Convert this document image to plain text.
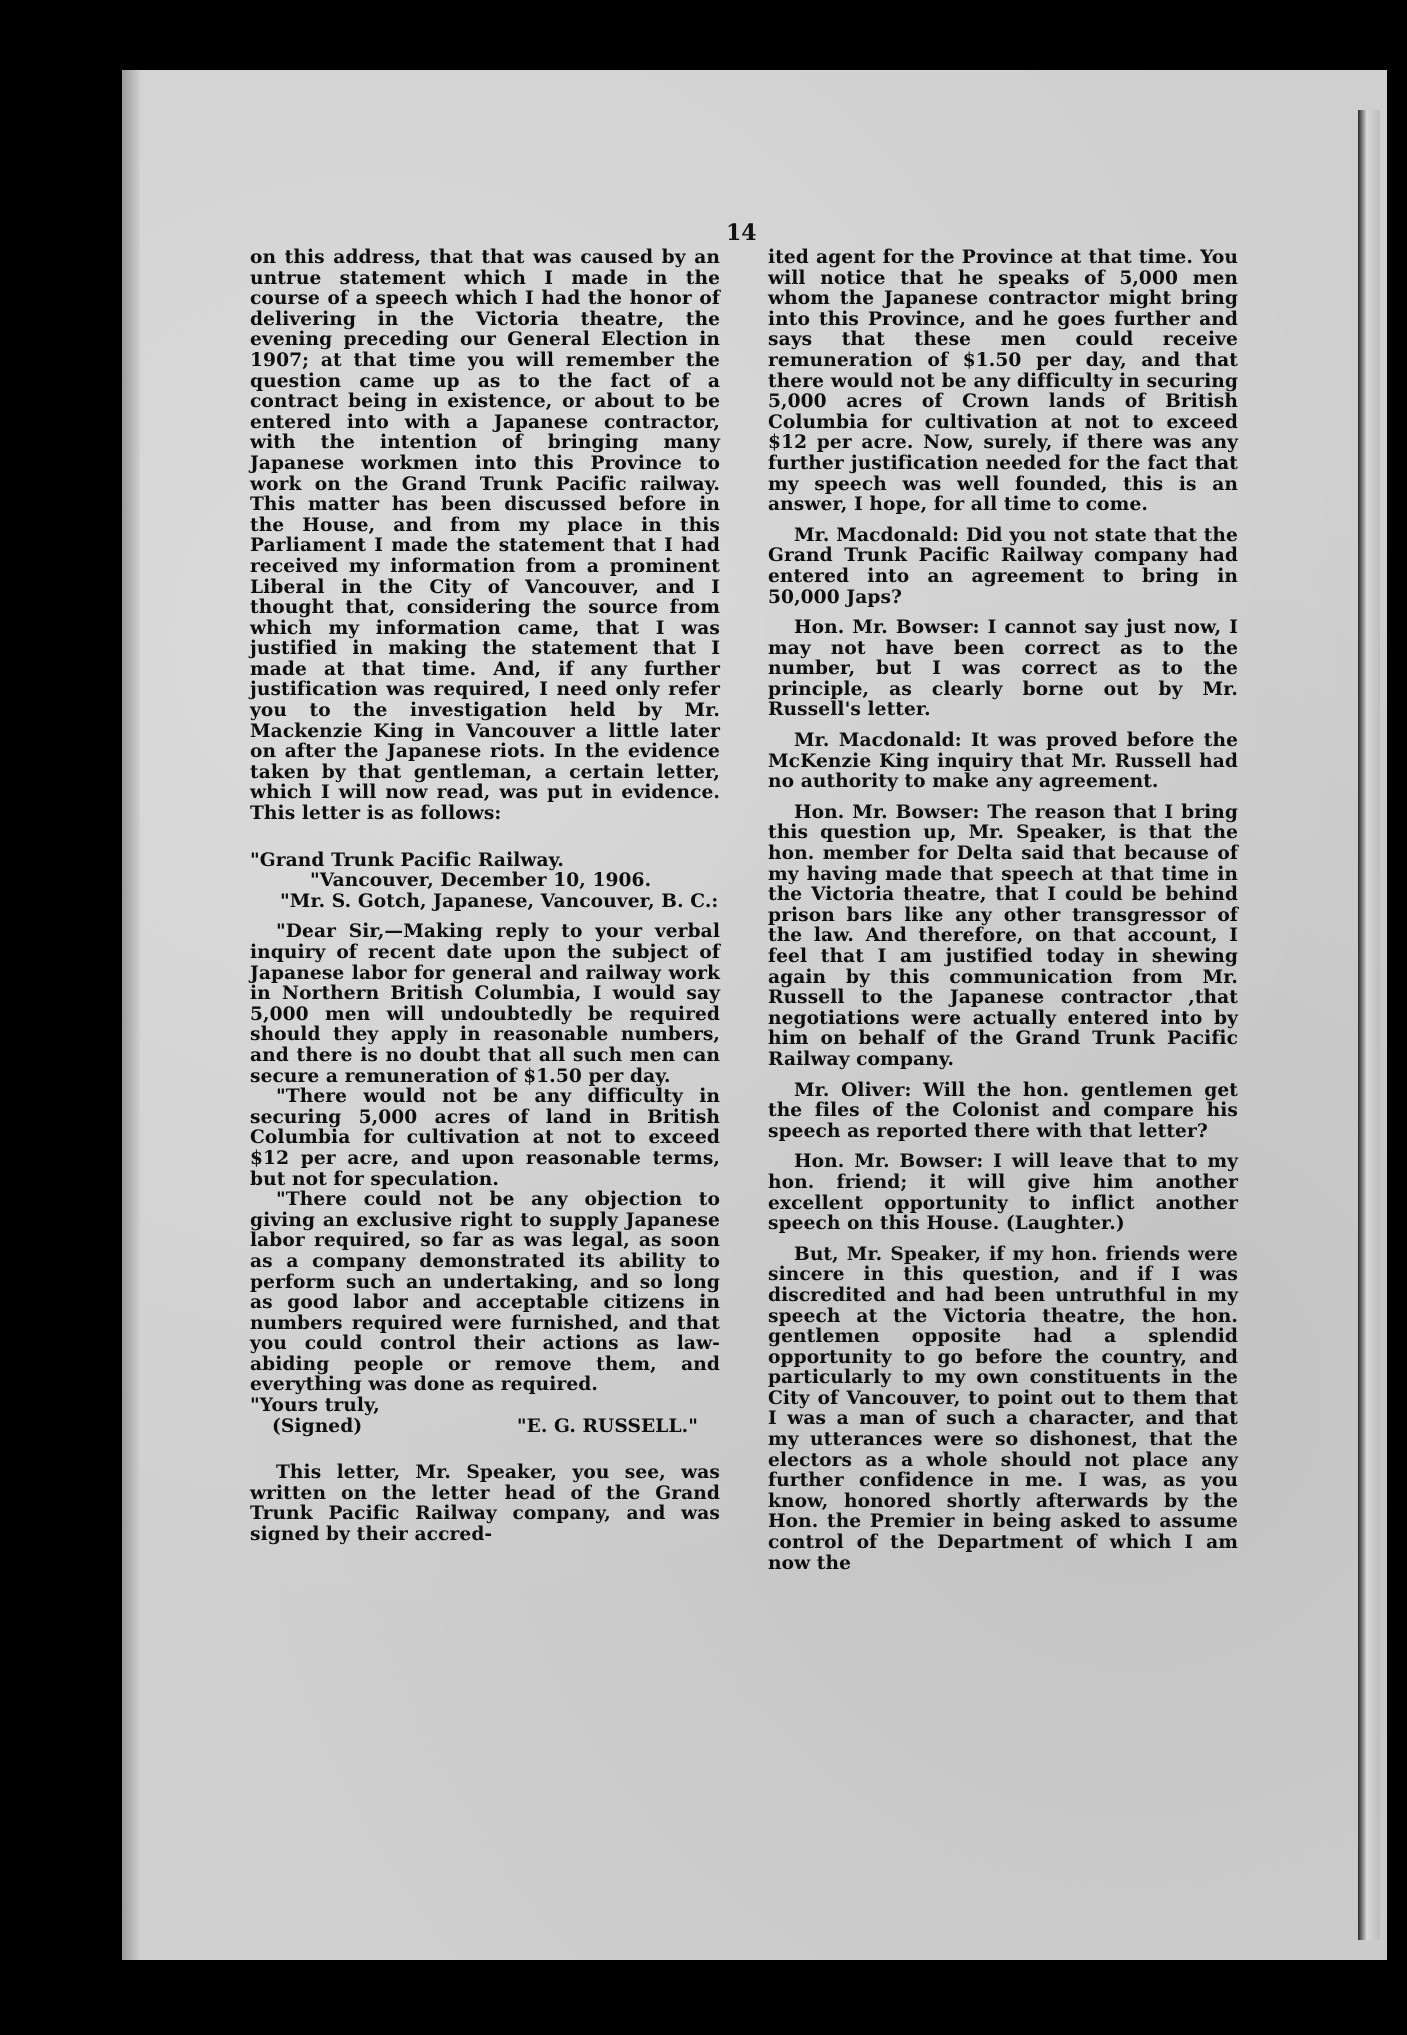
14

on this address, that that was caused by an untrue statement which I made in the course of a speech which I had the honor of delivering in the Victoria theatre, the evening preceding our General Election in 1907; at that time you will remember the question came up as to the fact of a contract being in existence, or about to be entered into with a Japanese contractor, with the intention of bringing many Japanese workmen into this Province to work on the Grand Trunk Pacific railway. This matter has been discussed before in the House, and from my place in this Parliament I made the statement that I had received my information from a prominent Liberal in the City of Vancouver, and I thought that, considering the source from which my information came, that I was justified in making the statement that I made at that time. And, if any further justification was required, I need only refer you to the investigation held by Mr. Mackenzie King in Vancouver a little later on after the Japanese riots. In the evidence taken by that gentleman, a certain letter, which I will now read, was put in evidence. This letter is as follows:

"Grand Trunk Pacific Railway.

"Vancouver, December 10, 1906.

"Mr. S. Gotch, Japanese, Vancouver, B. C.:

"Dear Sir,—Making reply to your verbal inquiry of recent date upon the subject of Japanese labor for general and railway work in Northern British Columbia, I would say 5,000 men will undoubtedly be required should they apply in reasonable numbers, and there is no doubt that all such men can secure a remuneration of $1.50 per day.

"There would not be any difficulty in securing 5,000 acres of land in British Columbia for cultivation at not to exceed $12 per acre, and upon reasonable terms, but not for speculation.

"There could not be any objection to giving an exclusive right to supply Japanese labor required, so far as was legal, as soon as a company demonstrated its ability to perform such an undertaking, and so long as good labor and acceptable citizens in numbers required were furnished, and that you could control their actions as law-abiding people or remove them, and everything was done as required.

"Yours truly,

(Signed)	"E. G. RUSSELL."

This letter, Mr. Speaker, you see, was written on the letter head of the Grand Trunk Pacific Railway company, and was signed by their accred-

ited agent for the Province at that time. You will notice that he speaks of 5,000 men whom the Japanese contractor might bring into this Province, and he goes further and says that these men could receive remuneration of $1.50 per day, and that there would not be any difficulty in securing 5,000 acres of Crown lands of British Columbia for cultivation at not to exceed $12 per acre. Now, surely, if there was any further justification needed for the fact that my speech was well founded, this is an answer, I hope, for all time to come.

Mr. Macdonald: Did you not state that the Grand Trunk Pacific Railway company had entered into an agreement to bring in 50,000 Japs?

Hon. Mr. Bowser: I cannot say just now, I may not have been correct as to the number, but I was correct as to the principle, as clearly borne out by Mr. Russell's letter.

Mr. Macdonald: It was proved before the McKenzie King inquiry that Mr. Russell had no authority to make any agreement.

Hon. Mr. Bowser: The reason that I bring this question up, Mr. Speaker, is that the hon. member for Delta said that because of my having made that speech at that time in the Victoria theatre, that I could be behind prison bars like any other transgressor of the law. And therefore, on that account, I feel that I am justified today in shewing again by this communication from Mr. Russell to the Japanese contractor ,that negotiations were actually entered into by him on behalf of the Grand Trunk Pacific Railway company.

Mr. Oliver: Will the hon. gentlemen get the files of the Colonist and compare his speech as reported there with that letter?

Hon. Mr. Bowser: I will leave that to my hon. friend; it will give him another excellent opportunity to inflict another speech on this House. (Laughter.)

But, Mr. Speaker, if my hon. friends were sincere in this question, and if I was discredited and had been untruthful in my speech at the Victoria theatre, the hon. gentlemen opposite had a splendid opportunity to go before the country, and particularly to my own constituents in the City of Vancouver, to point out to them that I was a man of such a character, and that my utterances were so dishonest, that the electors as a whole should not place any further confidence in me. I was, as you know, honored shortly afterwards by the Hon. the Premier in being asked to assume control of the Department of which I am now the
